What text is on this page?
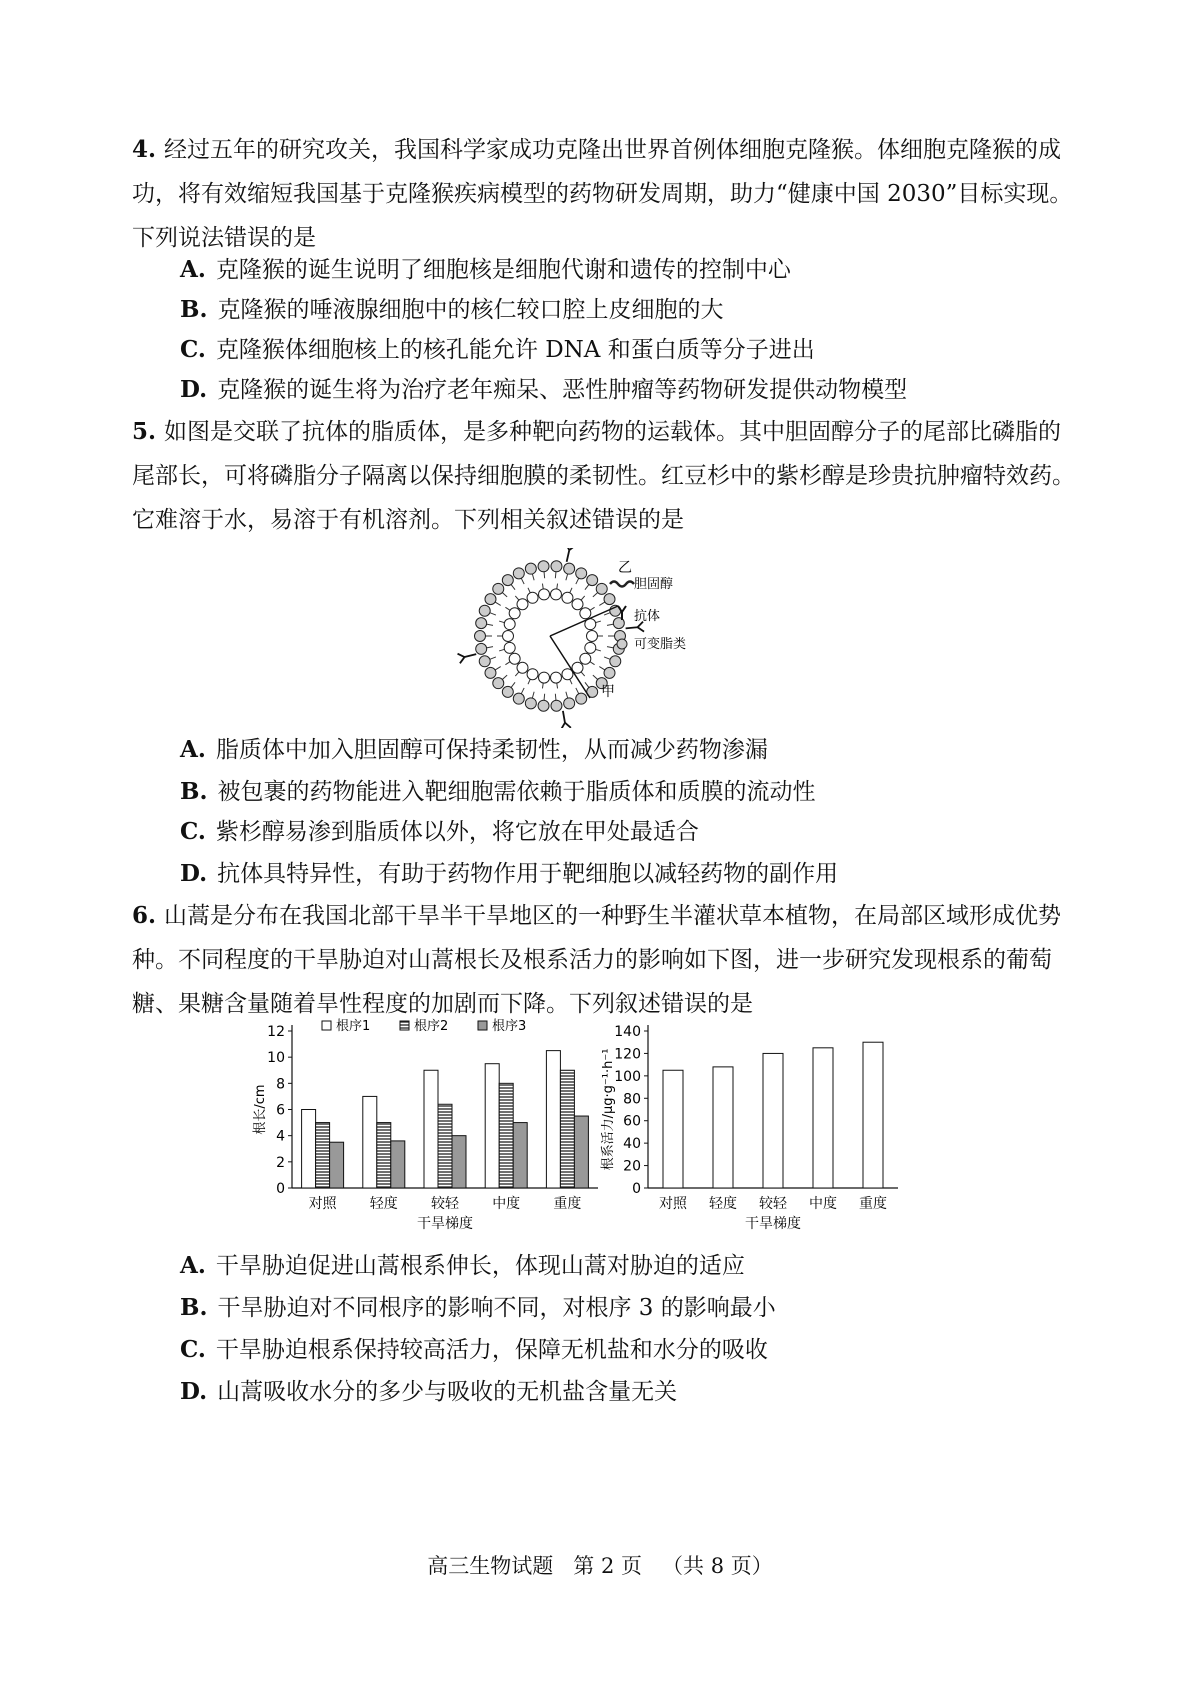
4. 经过五年的研究攻关，我国科学家成功克隆出世界首例体细胞克隆猴。体细胞克隆猴的成功，将有效缩短我国基于克隆猴疾病模型的药物研发周期，助力“健康中国 2030”目标实现。下列说法错误的是
A. 克隆猴的诞生说明了细胞核是细胞代谢和遗传的控制中心
B. 克隆猴的唾液腺细胞中的核仁较口腔上皮细胞的大
C. 克隆猴体细胞核上的核孔能允许 DNA 和蛋白质等分子进出
D. 克隆猴的诞生将为治疗老年痴呆、恶性肿瘤等药物研发提供动物模型
5. 如图是交联了抗体的脂质体，是多种靶向药物的运载体。其中胆固醇分子的尾部比磷脂的尾部长，可将磷脂分子隔离以保持细胞膜的柔韧性。红豆杉中的紫杉醇是珍贵抗肿瘤特效药。它难溶于水，易溶于有机溶剂。下列相关叙述错误的是
乙
甲
胆固醇
抗体
可变脂类
A. 脂质体中加入胆固醇可保持柔韧性，从而减少药物渗漏
B. 被包裹的药物能进入靶细胞需依赖于脂质体和质膜的流动性
C. 紫杉醇易渗到脂质体以外，将它放在甲处最适合
D. 抗体具特异性，有助于药物作用于靶细胞以减轻药物的副作用
6. 山蒿是分布在我国北部干旱半干旱地区的一种野生半灌状草本植物，在局部区域形成优势种。不同程度的干旱胁迫对山蒿根长及根系活力的影响如下图，进一步研究发现根系的葡萄糖、果糖含量随着旱性程度的加剧而下降。下列叙述错误的是
0
2
4
6
8
10
12
对照 轻度 较轻 中度 重度
干旱梯度
根长/cm
根序1	根序2	根序3
0
20
40
60
80
100
120
140
对照 轻度 较轻 中度 重度
干旱梯度
根系活力/μg·g⁻¹·h⁻¹
A. 干旱胁迫促进山蒿根系伸长，体现山蒿对胁迫的适应
B. 干旱胁迫对不同根序的影响不同，对根序 3 的影响最小
C. 干旱胁迫根系保持较高活力，保障无机盐和水分的吸收
D. 山蒿吸收水分的多少与吸收的无机盐含量无关
高三生物试题 第 2 页 （共 8 页）
